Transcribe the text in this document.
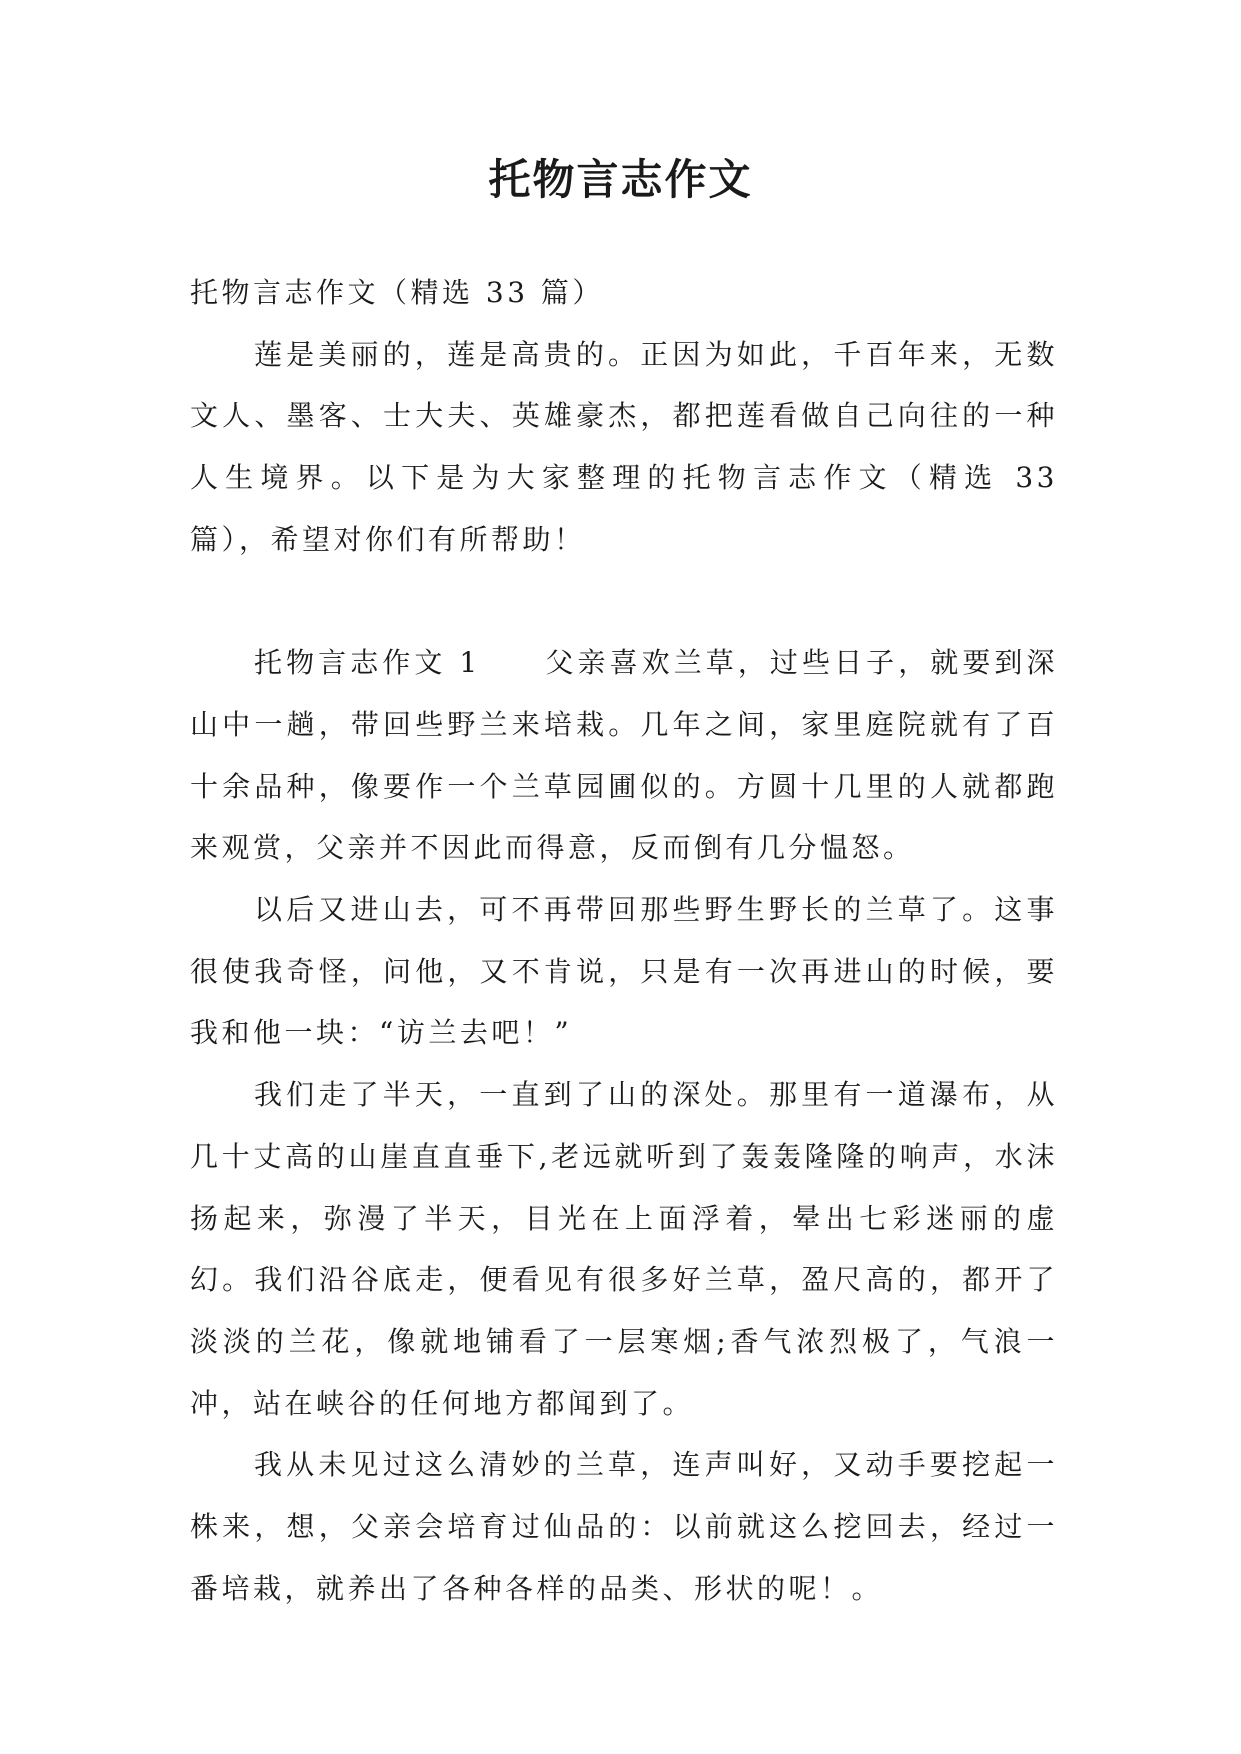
托物言志作文

托物言志作文（精选 33 篇）

莲是美丽的，莲是高贵的。正因为如此，千百年来，无数文人、墨客、士大夫、英雄豪杰，都把莲看做自己向往的一种人生境界。以下是为大家整理的托物言志作文（精选 33 篇），希望对你们有所帮助！

托物言志作文 1　　父亲喜欢兰草，过些日子，就要到深山中一趟，带回些野兰来培栽。几年之间，家里庭院就有了百十余品种，像要作一个兰草园圃似的。方圆十几里的人就都跑来观赏，父亲并不因此而得意，反而倒有几分愠怒。

以后又进山去，可不再带回那些野生野长的兰草了。这事很使我奇怪，问他，又不肯说，只是有一次再进山的时候，要我和他一块：“访兰去吧！”

我们走了半天，一直到了山的深处。那里有一道瀑布，从几十丈高的山崖直直垂下,老远就听到了轰轰隆隆的响声，水沫扬起来，弥漫了半天，目光在上面浮着，晕出七彩迷丽的虚幻。我们沿谷底走，便看见有很多好兰草，盈尺高的，都开了淡淡的兰花，像就地铺看了一层寒烟;香气浓烈极了，气浪一冲，站在峡谷的任何地方都闻到了。

我从未见过这么清妙的兰草，连声叫好，又动手要挖起一株来，想，父亲会培育过仙品的：以前就这么挖回去，经过一番培栽，就养出了各种各样的品类、形状的呢！。
